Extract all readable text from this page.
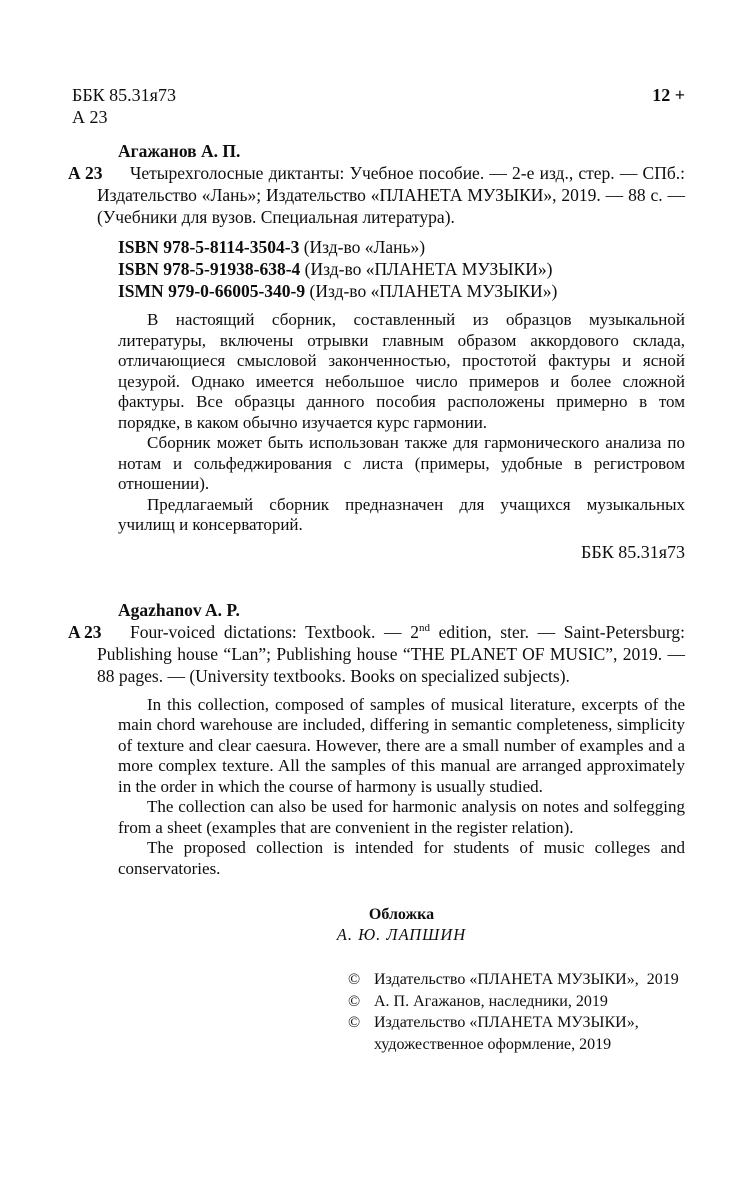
ББК 85.31я73	12 +
А 23

Агажанов А. П.

А 23 Четырехголосные диктанты: Учебное пособие. — 2-е изд., стер. — СПб.: Издательство «Лань»; Издательство «ПЛАНЕТА МУЗЫКИ», 2019. — 88 с. — (Учебники для вузов. Специальная литература).

ISBN 978-5-8114-3504-3 (Изд-во «Лань»)
ISBN 978-5-91938-638-4 (Изд-во «ПЛАНЕТА МУЗЫКИ»)
ISMN 979-0-66005-340-9 (Изд-во «ПЛАНЕТА МУЗЫКИ»)

В настоящий сборник, составленный из образцов музыкальной литературы, включены отрывки главным образом аккордового склада, отличающиеся смысловой законченностью, простотой фактуры и ясной цезурой. Однако имеется небольшое число примеров и более сложной фактуры. Все образцы данного пособия расположены примерно в том порядке, в каком обычно изучается курс гармонии.

Сборник может быть использован также для гармонического анализа по нотам и сольфеджирования с листа (примеры, удобные в регистровом отношении).

Предлагаемый сборник предназначен для учащихся музыкальных училищ и консерваторий.

ББК 85.31я73

Agazhanov A. P.

A 23 Four-voiced dictations: Textbook. — 2nd edition, ster. — Saint-Petersburg: Publishing house “Lan”; Publishing house “THE PLANET OF MUSIC”, 2019. — 88 pages. — (University textbooks. Books on specialized subjects).

In this collection, composed of samples of musical literature, excerpts of the main chord warehouse are included, differing in semantic completeness, simplicity of texture and clear caesura. However, there are a small number of examples and a more complex texture. All the samples of this manual are arranged approximately in the order in which the course of harmony is usually studied.

The collection can also be used for harmonic analysis on notes and solfegging from a sheet (examples that are convenient in the register relation).

The proposed collection is intended for students of music colleges and conservatories.

Обложка

А. Ю. ЛАПШИН

© Издательство «ПЛАНЕТА МУЗЫКИ»,  2019
© А. П. Агажанов, наследники, 2019
© Издательство «ПЛАНЕТА МУЗЫКИ»,
художественное оформление, 2019
